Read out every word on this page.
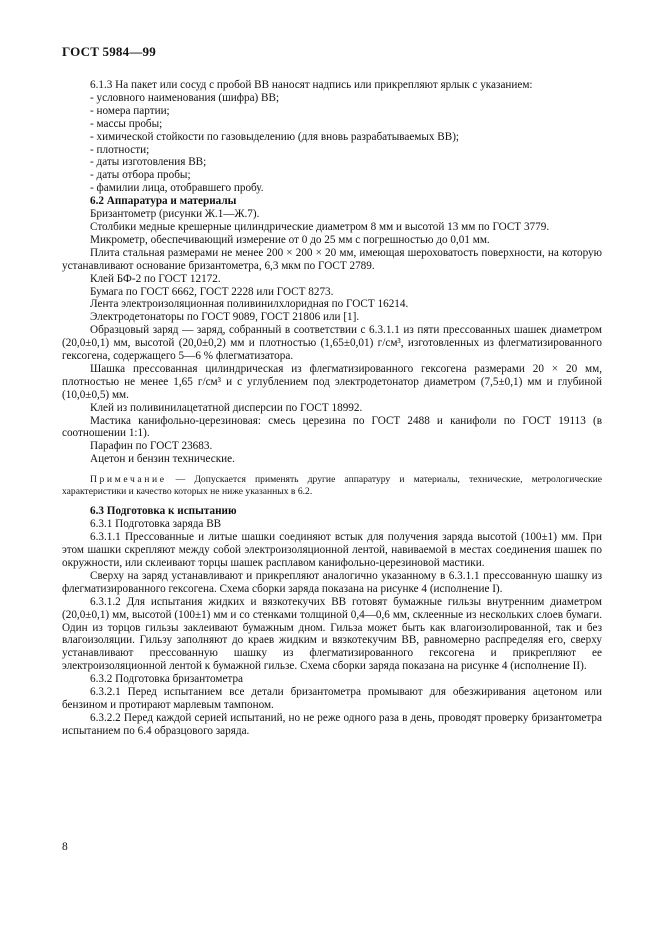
ГОСТ 5984—99

6.1.3 На пакет или сосуд с пробой ВВ наносят надпись или прикрепляют ярлык с указанием:

- условного наименования (шифра) ВВ;

- номера партии;

- массы пробы;

- химической стойкости по газовыделению (для вновь разрабатываемых ВВ);

- плотности;

- даты изготовления ВВ;

- даты отбора пробы;

- фамилии лица, отобравшего пробу.

6.2 Аппаратура и материалы

Бризантометр (рисунки Ж.1—Ж.7).

Столбики медные крешерные цилиндрические диаметром 8 мм и высотой 13 мм по ГОСТ 3779.

Микрометр, обеспечивающий измерение от 0 до 25 мм с погрешностью до 0,01 мм.

Плита стальная размерами не менее 200 × 200 × 20 мм, имеющая шероховатость поверхности, на которую устанавливают основание бризантометра, 6,3 мкм по ГОСТ 2789.

Клей БФ-2 по ГОСТ 12172.

Бумага по ГОСТ 6662, ГОСТ 2228 или ГОСТ 8273.

Лента электроизоляционная поливинилхлоридная по ГОСТ 16214.

Электродетонаторы по ГОСТ 9089, ГОСТ 21806 или [1].

Образцовый заряд — заряд, собранный в соответствии с 6.3.1.1 из пяти прессованных шашек диаметром (20,0±0,1) мм, высотой (20,0±0,2) мм и плотностью (1,65±0,01) г/см³, изготовленных из флегматизированного гексогена, содержащего 5—6 % флегматизатора.

Шашка прессованная цилиндрическая из флегматизированного гексогена размерами 20 × 20 мм, плотностью не менее 1,65 г/см³ и с углублением под электродетонатор диаметром (7,5±0,1) мм и глубиной (10,0±0,5) мм.

Клей из поливинилацетатной дисперсии по ГОСТ 18992.

Мастика канифольно-церезиновая: смесь церезина по ГОСТ 2488 и канифоли по ГОСТ 19113 (в соотношении 1:1).

Парафин по ГОСТ 23683.

Ацетон и бензин технические.

Примечание — Допускается применять другие аппаратуру и материалы, технические, метрологические характеристики и качество которых не ниже указанных в 6.2.

6.3 Подготовка к испытанию

6.3.1 Подготовка заряда ВВ

6.3.1.1 Прессованные и литые шашки соединяют встык для получения заряда высотой (100±1) мм. При этом шашки скрепляют между собой электроизоляционной лентой, навиваемой в местах соединения шашек по окружности, или склеивают торцы шашек расплавом канифольно-церезиновой мастики.

Сверху на заряд устанавливают и прикрепляют аналогично указанному в 6.3.1.1 прессованную шашку из флегматизированного гексогена. Схема сборки заряда показана на рисунке 4 (исполнение I).

6.3.1.2 Для испытания жидких и вязкотекучих ВВ готовят бумажные гильзы внутренним диаметром (20,0±0,1) мм, высотой (100±1) мм и со стенками толщиной 0,4—0,6 мм, склеенные из нескольких слоев бумаги. Один из торцов гильзы заклеивают бумажным дном. Гильза может быть как влагоизолированной, так и без влагоизоляции. Гильзу заполняют до краев жидким и вязкотекучим ВВ, равномерно распределяя его, сверху устанавливают прессованную шашку из флегматизированного гексогена и прикрепляют ее электроизоляционной лентой к бумажной гильзе. Схема сборки заряда показана на рисунке 4 (исполнение II).

6.3.2 Подготовка бризантометра

6.3.2.1 Перед испытанием все детали бризантометра промывают для обезжиривания ацетоном или бензином и протирают марлевым тампоном.

6.3.2.2 Перед каждой серией испытаний, но не реже одного раза в день, проводят проверку бризантометра испытанием по 6.4 образцового заряда.

8
